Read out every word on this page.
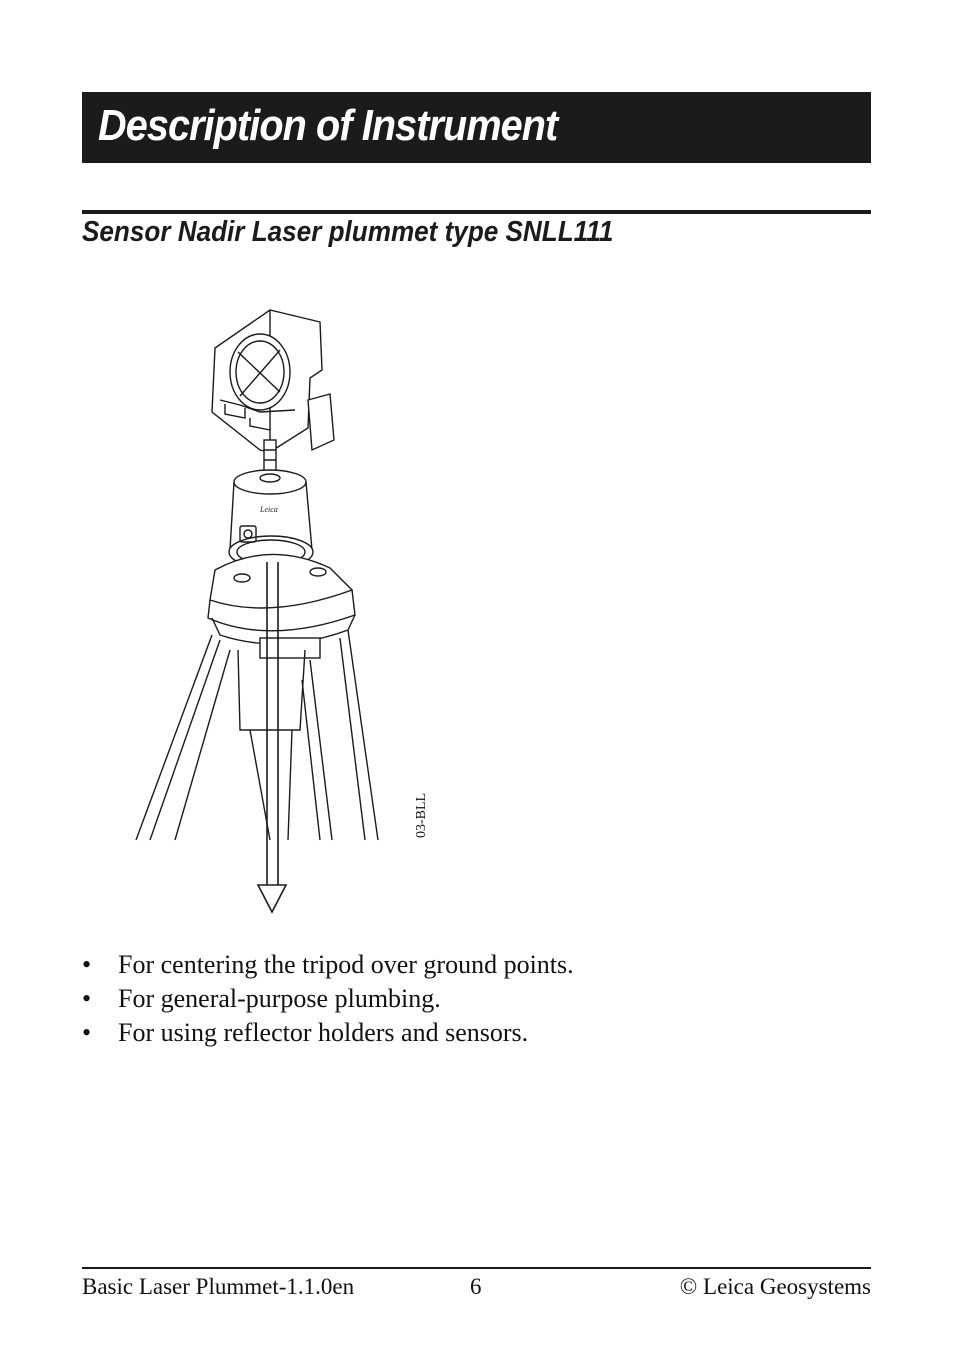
Description of Instrument
Sensor Nadir Laser plummet type SNLL111
Leica
03-BLL
• For centering the tripod over ground points.
• For general-purpose plumbing.
• For using reflector holders and sensors.
Basic Laser Plummet-1.1.0en	6	© Leica Geosystems
